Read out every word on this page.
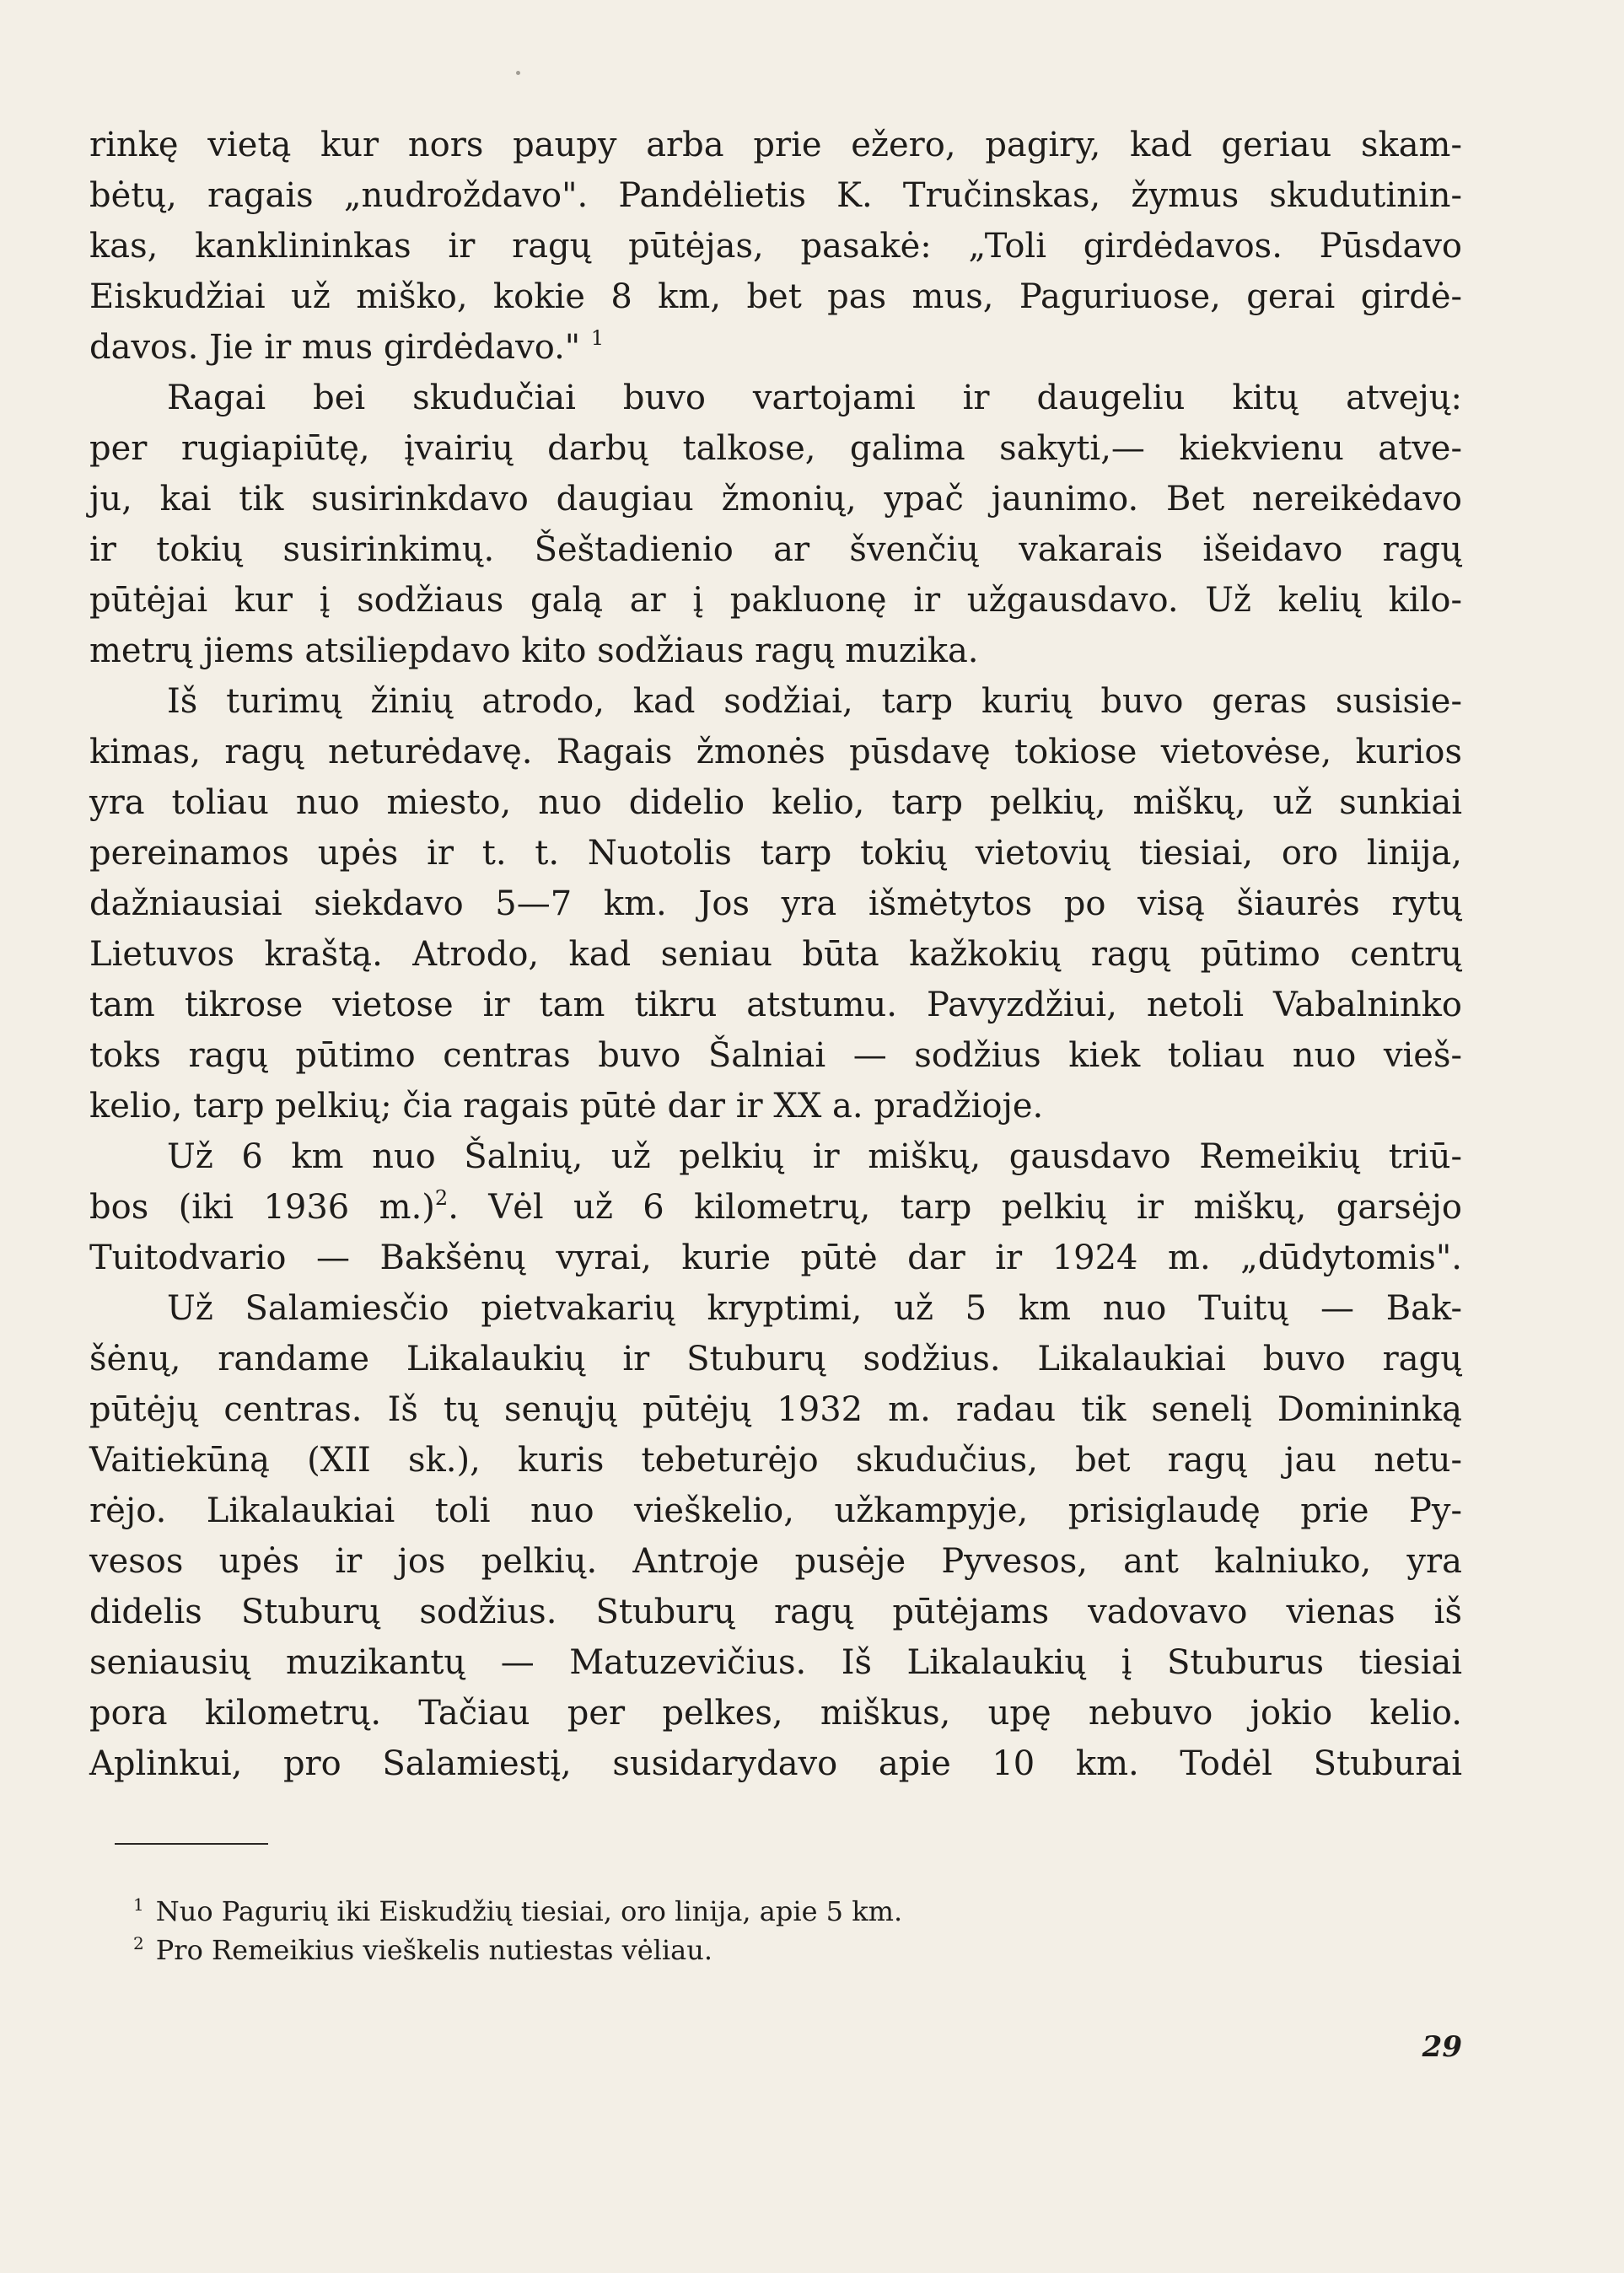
rinkę vietą kur nors paupy arba prie ežero, pagiry, kad geriau skam-
bėtų, ragais „nudroždavo". Pandėlietis K. Tručinskas, žymus skudutinin-
kas, kanklininkas ir ragų pūtėjas, pasakė: „Toli girdėdavos. Pūsdavo
Eiskudžiai už miško, kokie 8 km, bet pas mus, Paguriuose, gerai girdė-
davos. Jie ir mus girdėdavo." $^1$
Ragai bei skudučiai buvo vartojami ir daugeliu kitų atvejų:
per rugiapiūtę, įvairių darbų talkose, galima sakyti,— kiekvienu atve-
ju, kai tik susirinkdavo daugiau žmonių, ypač jaunimo. Bet nereikėdavo
ir tokių susirinkimų. Šeštadienio ar švenčių vakarais išeidavo ragų
pūtėjai kur į sodžiaus galą ar į pakluonę ir užgausdavo. Už kelių kilo-
metrų jiems atsiliepdavo kito sodžiaus ragų muzika.
Iš turimų žinių atrodo, kad sodžiai, tarp kurių buvo geras susisie-
kimas, ragų neturėdavę. Ragais žmonės pūsdavę tokiose vietovėse, kurios
yra toliau nuo miesto, nuo didelio kelio, tarp pelkių, miškų, už sunkiai
pereinamos upės ir t. t. Nuotolis tarp tokių vietovių tiesiai, oro linija,
dažniausiai siekdavo 5—7 km. Jos yra išmėtytos po visą šiaurės rytų
Lietuvos kraštą. Atrodo, kad seniau būta kažkokių ragų pūtimo centrų
tam tikrose vietose ir tam tikru atstumu. Pavyzdžiui, netoli Vabalninko
toks ragų pūtimo centras buvo Šalniai — sodžius kiek toliau nuo vieš-
kelio, tarp pelkių; čia ragais pūtė dar ir XX a. pradžioje.
Už 6 km nuo Šalnių, už pelkių ir miškų, gausdavo Remeikių triū-
bos (iki 1936 m.)$^2$. Vėl už 6 kilometrų, tarp pelkių ir miškų, garsėjo
Tuitodvario — Bakšėnų vyrai, kurie pūtė dar ir 1924 m. „dūdytomis".
Už Salamiesčio pietvakarių kryptimi, už 5 km nuo Tuitų — Bak-
šėnų, randame Likalaukių ir Stuburų sodžius. Likalaukiai buvo ragų
pūtėjų centras. Iš tų senųjų pūtėjų 1932 m. radau tik senelį Domininką
Vaitiekūną (XII sk.), kuris tebeturėjo skudučius, bet ragų jau netu-
rėjo. Likalaukiai toli nuo vieškelio, užkampyje, prisiglaudę prie Py-
vesos upės ir jos pelkių. Antroje pusėje Pyvesos, ant kalniuko, yra
didelis Stuburų sodžius. Stuburų ragų pūtėjams vadovavo vienas iš
seniausių muzikantų — Matuzevičius. Iš Likalaukių į Stuburus tiesiai
pora kilometrų. Tačiau per pelkes, miškus, upę nebuvo jokio kelio.
Aplinkui, pro Salamiestį, susidarydavo apie 10 km. Todėl Stuburai
$^1$ Nuo Pagurių iki Eiskudžių tiesiai, oro linija, apie 5 km.
$^2$ Pro Remeikius vieškelis nutiestas vėliau.
29
